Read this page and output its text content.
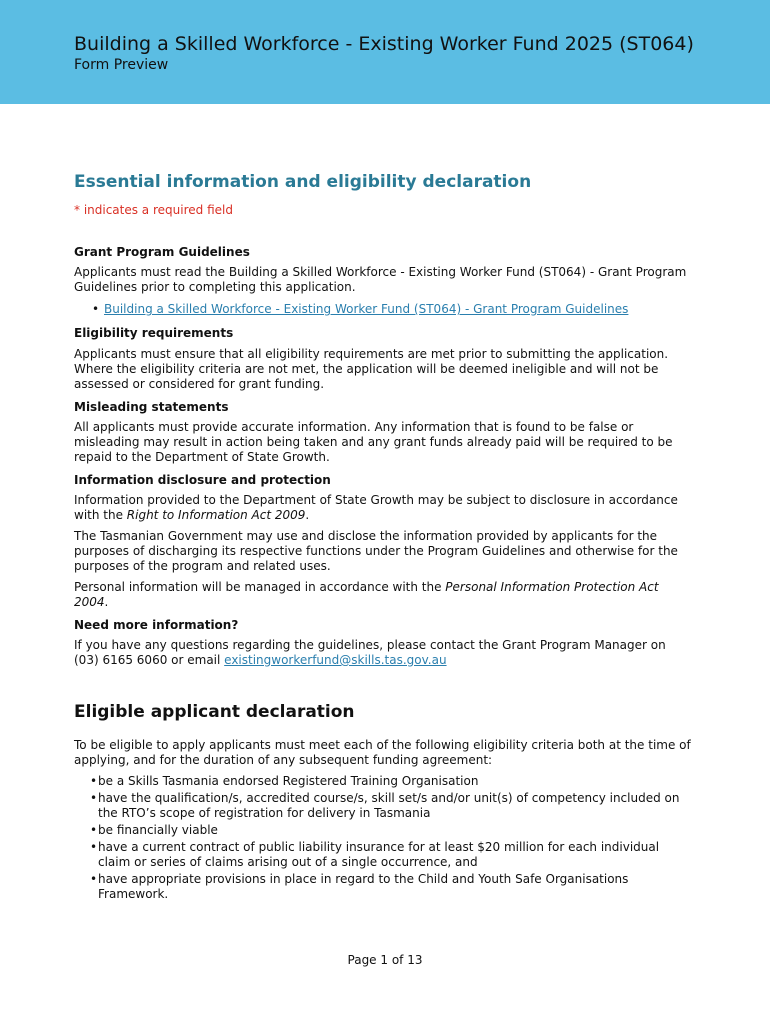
Building a Skilled Workforce - Existing Worker Fund 2025 (ST064)
Form Preview
Essential information and eligibility declaration
* indicates a required field
Grant Program Guidelines

Applicants must read the Building a Skilled Workforce - Existing Worker Fund (ST064) - Grant Program Guidelines prior to completing this application.

• Building a Skilled Workforce - Existing Worker Fund (ST064) - Grant Program Guidelines
Eligibility requirements

Applicants must ensure that all eligibility requirements are met prior to submitting the application. Where the eligibility criteria are not met, the application will be deemed ineligible and will not be assessed or considered for grant funding.

Misleading statements

All applicants must provide accurate information. Any information that is found to be false or misleading may result in action being taken and any grant funds already paid will be required to be repaid to the Department of State Growth.

Information disclosure and protection

Information provided to the Department of State Growth may be subject to disclosure in accordance with the Right to Information Act 2009.

The Tasmanian Government may use and disclose the information provided by applicants for the purposes of discharging its respective functions under the Program Guidelines and otherwise for the purposes of the program and related uses.

Personal information will be managed in accordance with the Personal Information Protection Act 2004.

Need more information?

If you have any questions regarding the guidelines, please contact the Grant Program Manager on (03) 6165 6060 or email existingworkerfund@skills.tas.gov.au

Eligible applicant declaration

To be eligible to apply applicants must meet each of the following eligibility criteria both at the time of applying, and for the duration of any subsequent funding agreement:

• be a Skills Tasmania endorsed Registered Training Organisation
• have the qualification/s, accredited course/s, skill set/s and/or unit(s) of competency included on the RTO’s scope of registration for delivery in Tasmania
• be financially viable
• have a current contract of public liability insurance for at least $20 million for each individual claim or series of claims arising out of a single occurrence, and
• have appropriate provisions in place in regard to the Child and Youth Safe Organisations Framework.
Page 1 of 13
